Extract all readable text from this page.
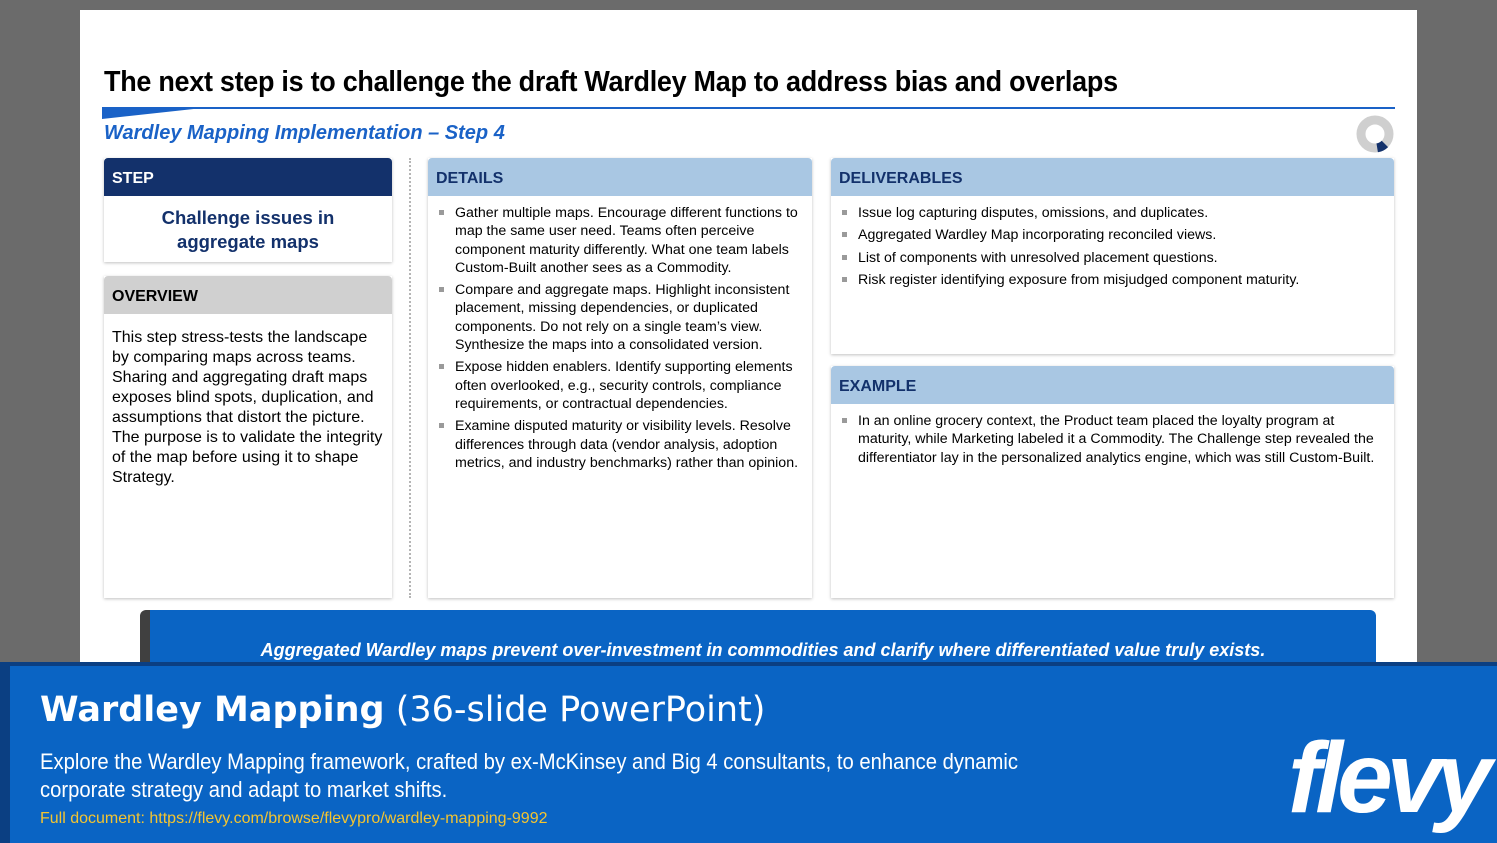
The next step is to challenge the draft Wardley Map to address bias and overlaps
Wardley Mapping Implementation – Step 4
STEP
Challenge issues in aggregate maps
OVERVIEW
This step stress-tests the landscape by comparing maps across teams. Sharing and aggregating draft maps exposes blind spots, duplication, and assumptions that distort the picture. The purpose is to validate the integrity of the map before using it to shape Strategy.
DETAILS
Gather multiple maps. Encourage different functions to map the same user need. Teams often perceive component maturity differently. What one team labels Custom-Built another sees as a Commodity.
Compare and aggregate maps. Highlight inconsistent placement, missing dependencies, or duplicated components. Do not rely on a single team’s view. Synthesize the maps into a consolidated version.
Expose hidden enablers. Identify supporting elements often overlooked, e.g., security controls, compliance requirements, or contractual dependencies.
Examine disputed maturity or visibility levels. Resolve differences through data (vendor analysis, adoption metrics, and industry benchmarks) rather than opinion.
DELIVERABLES
Issue log capturing disputes, omissions, and duplicates.
Aggregated Wardley Map incorporating reconciled views.
List of components with unresolved placement questions.
Risk register identifying exposure from misjudged component maturity.
EXAMPLE
In an online grocery context, the Product team placed the loyalty program at maturity, while Marketing labeled it a Commodity. The Challenge step revealed the differentiator lay in the personalized analytics engine, which was still Custom-Built.
Aggregated Wardley maps prevent over-investment in commodities and clarify where differentiated value truly exists.
Wardley Mapping (36-slide PowerPoint)
Explore the Wardley Mapping framework, crafted by ex-McKinsey and Big 4 consultants, to enhance dynamic corporate strategy and adapt to market shifts.
Full document: https://flevy.com/browse/flevypro/wardley-mapping-9992	flevy
